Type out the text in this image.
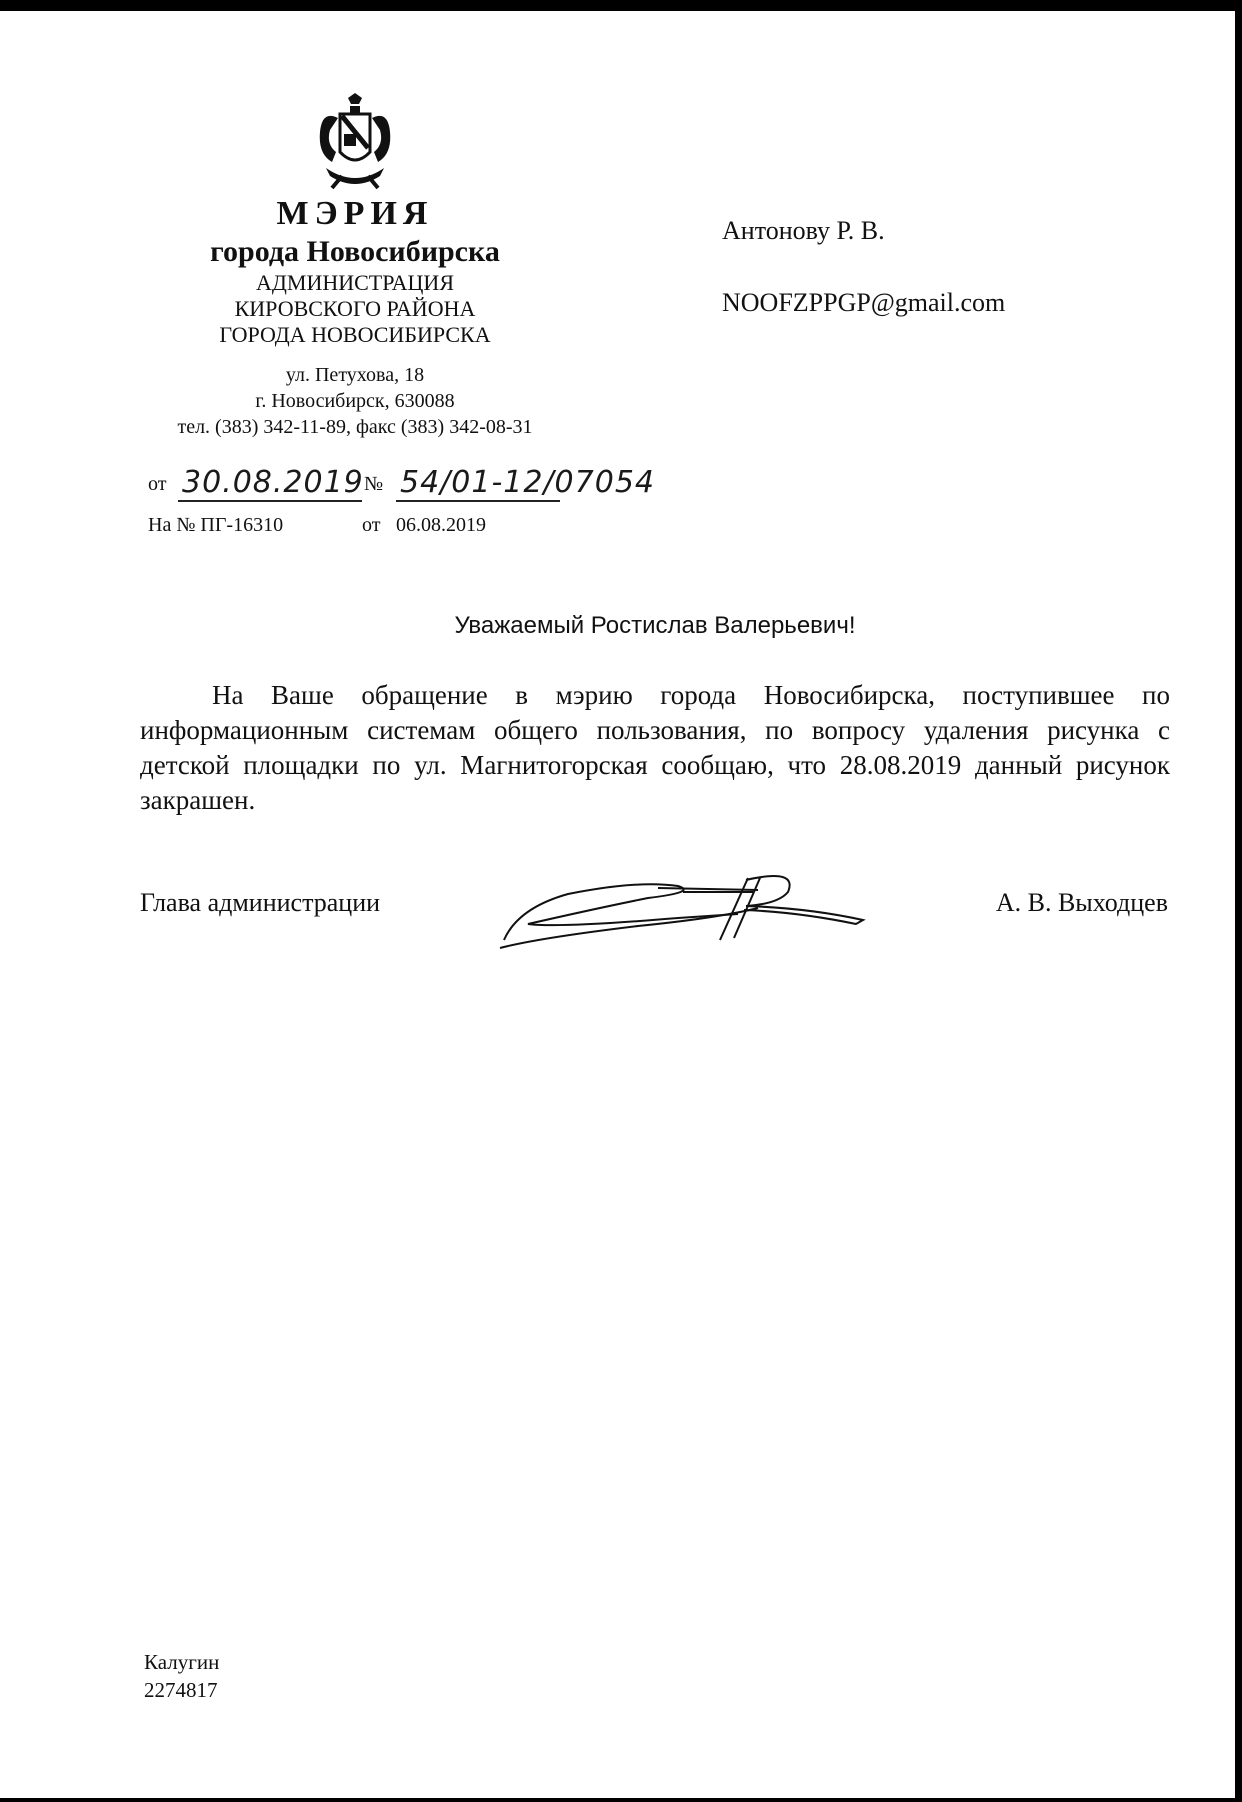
МЭРИЯ
города Новосибирска
АДМИНИСТРАЦИЯ
КИРОВСКОГО РАЙОНА
ГОРОДА НОВОСИБИРСКА
ул. Петухова, 18
г. Новосибирск, 630088
тел. (383) 342-11-89, факс (383) 342-08-31
от 30.08.2019 № 54/01-12/07054
На № ПГ-16310	от 06.08.2019
Антонову Р. В.
NOOFZPPGP@gmail.com
Уважаемый Ростислав Валерьевич!
На Ваше обращение в мэрию города Новосибирска, поступившее по информационным системам общего пользования, по вопросу удаления рисунка с детской площадки по ул. Магнитогорская сообщаю, что 28.08.2019 данный рисунок закрашен.
Глава администрации	А. В. Выходцев
Калугин
2274817
